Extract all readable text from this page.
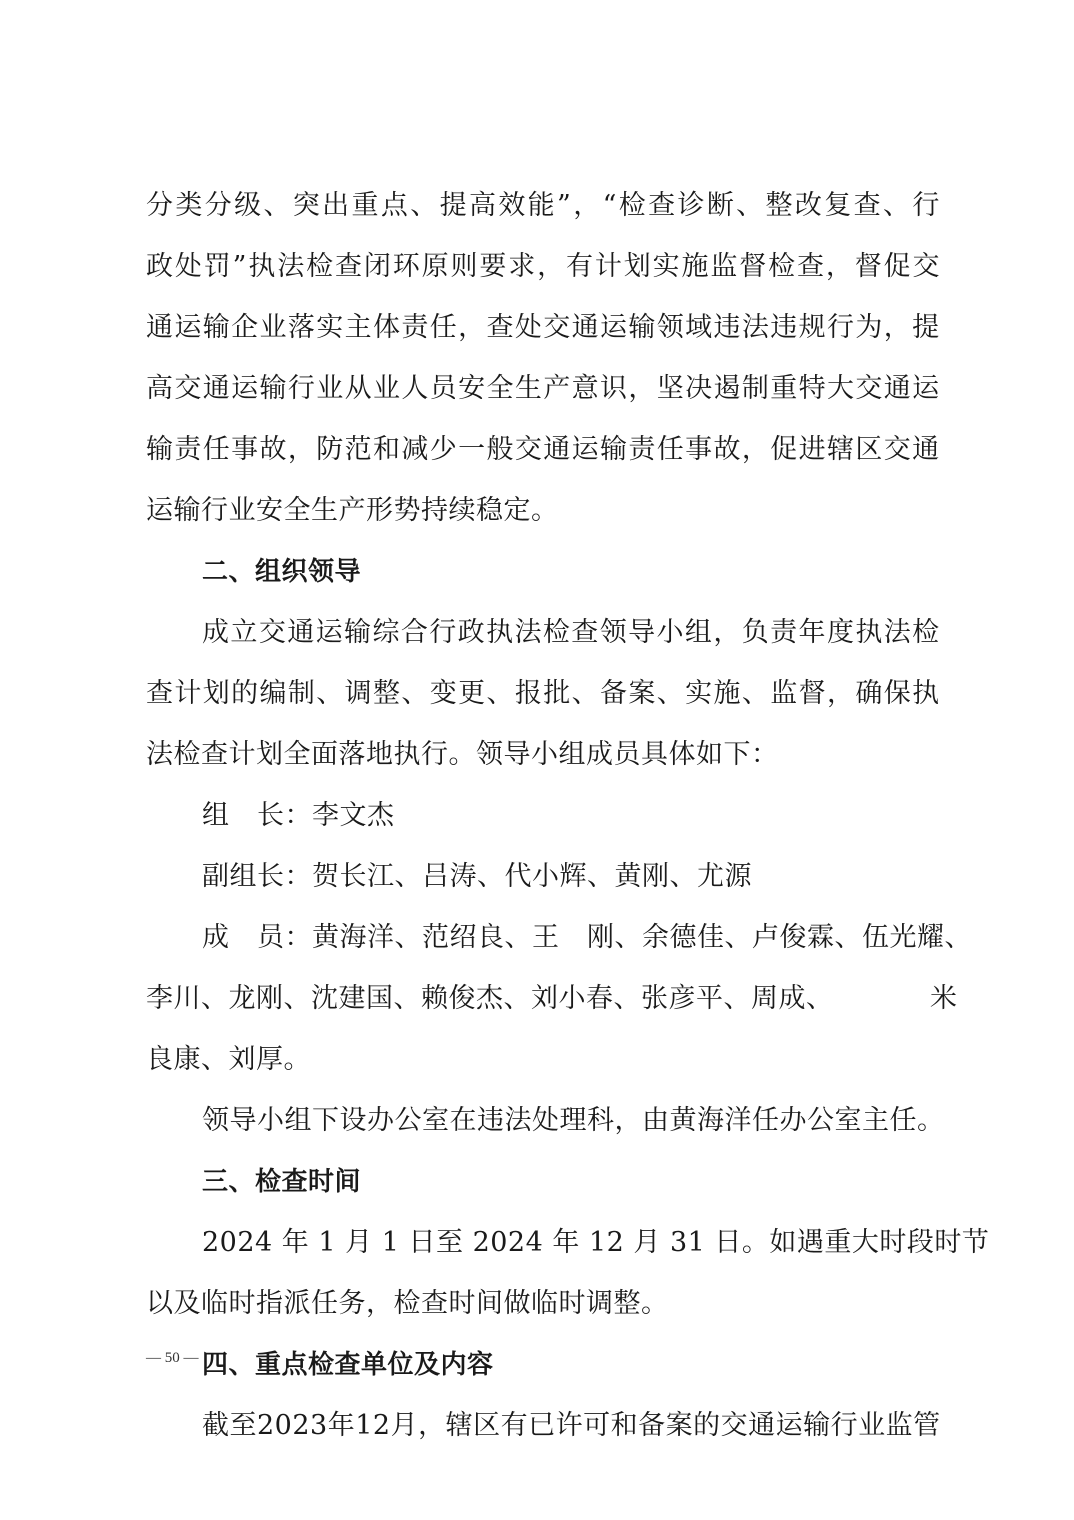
分 类 分 级 、 突 出 重 点 、 提 高 效 能 ” ， “ 检 查 诊 断 、 整 改 复 查 、 行
政 处 罚 ” 执 法 检 查 闭 环 原 则 要 求 ， 有 计 划 实 施 监 督 检 查 ， 督 促 交
通 运 输 企 业 落 实 主 体 责 任 ， 查 处 交 通 运 输 领 域 违 法 违 规 行 为 ， 提
高 交 通 运 输 行 业 从 业 人 员 安 全 生 产 意 识 ， 坚 决 遏 制 重 特 大 交 通 运
输 责 任 事 故 ， 防 范 和 减 少 一 般 交 通 运 输 责 任 事 故 ， 促 进 辖 区 交 通
运输行业安全生产形势持续稳定。
二、组织领导
成 立 交 通 运 输 综 合 行 政 执 法 检 查 领 导 小 组 ， 负 责 年 度 执 法 检
查 计 划 的 编 制 、 调 整 、 变 更 、 报 批 、 备 案 、 实 施 、 监 督 ， 确 保 执
法检查计划全面落地执行。领导小组成员具体如下：
组　长：李文杰
副组长：贺长江、吕涛、代小辉、黄刚、尤源
成　员：黄海洋、范绍良、王　刚、余德佳、卢俊霖、伍光耀、
李川、龙刚、沈建国、赖俊杰、刘小春、张彦平、周成、　　　　米
良康、刘厚。
领导小组下设办公室在违法处理科，由黄海洋任办公室主任。
三、检查时间
2024 年 1 月 1 日至 2024 年 12 月 31 日。如遇重大时段时节
以及临时指派任务，检查时间做临时调整。
四、重点检查单位及内容
截至2023年12月，辖区有已许可和备案的交通运输行业监管
— 50 —
